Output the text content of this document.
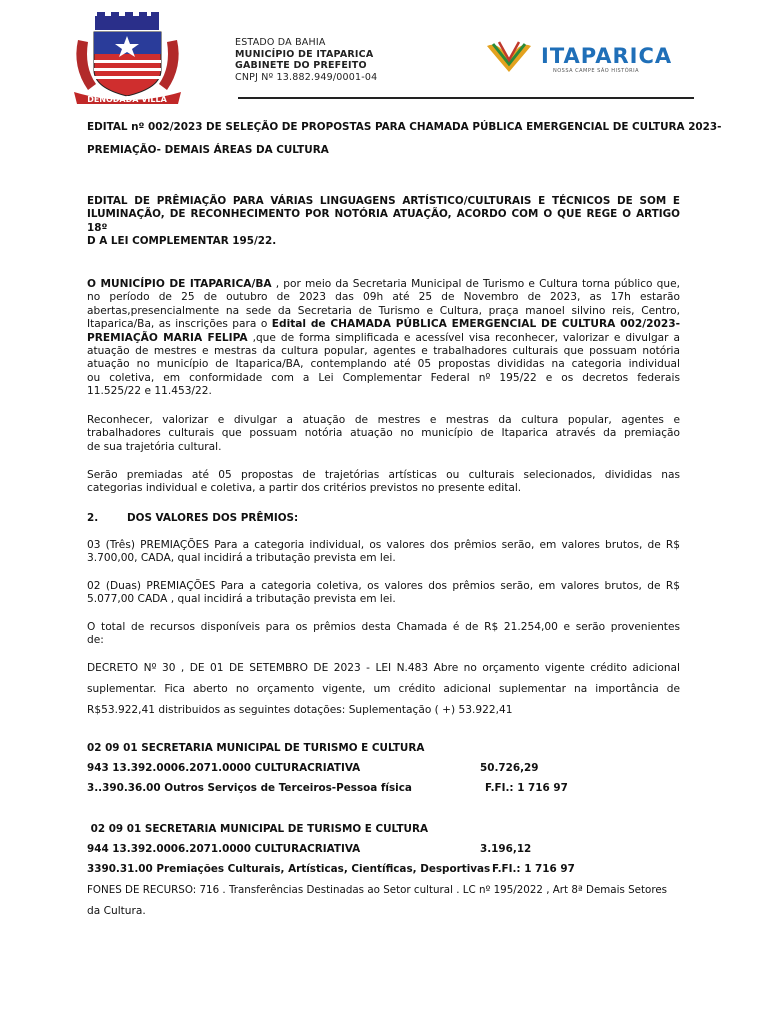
DENODADA VILLA
ESTADO DA BAHIA
MUNICÍPIO DE ITAPARICA
GABINETE DO PREFEITO
CNPJ Nº 13.882.949/0001-04
ITAPARICA
NOSSA CAMPE SÃO HISTÓRIA
EDITAL nº 002/2023 DE SELEÇÃO DE PROPOSTAS PARA CHAMADA PÚBLICA EMERGENCIAL DE CULTURA 2023-
PREMIAÇÃO- DEMAIS ÁREAS DA CULTURA
EDITAL DE PRÊMIAÇÃO PARA VÁRIAS LINGUAGENS ARTÍSTICO/CULTURAIS E TÉCNICOS DE SOM E
ILUMINAÇÃO, DE RECONHECIMENTO POR NOTÓRIA ATUAÇÃO, ACORDO COM O QUE REGE O ARTIGO 18º
D A LEI COMPLEMENTAR 195/22.
O MUNICÍPIO DE ITAPARICA/BA , por meio da Secretaria Municipal de Turismo e Cultura torna público que,
no período de 25 de outubro de 2023 das 09h até 25 de Novembro de 2023, as 17h estarão
abertas,presencialmente na sede da Secretaria de Turismo e Cultura, praça manoel silvino reis, Centro,
Itaparica/Ba, as inscrições para o Edital de CHAMADA PÚBLICA EMERGENCIAL DE CULTURA 002/2023-
PREMIAÇÃO MARIA FELIPA ,que de forma simplificada e acessível visa reconhecer, valorizar e divulgar a
atuação de mestres e mestras da cultura popular, agentes e trabalhadores culturais que possuam notória
atuação no município de Itaparica/BA, contemplando até 05 propostas divididas na categoria individual
ou coletiva, em conformidade com a Lei Complementar Federal nº 195/22 e os decretos federais
11.525/22 e 11.453/22.
Reconhecer, valorizar e divulgar a atuação de mestres e mestras da cultura popular, agentes e
trabalhadores culturais que possuam notória atuação no município de Itaparica através da premiação
de sua trajetória cultural.
Serão premiadas até 05 propostas de trajetórias artísticas ou culturais selecionados, divididas nas
categorias individual e coletiva, a partir dos critérios previstos no presente edital.
2.	DOS VALORES DOS PRÊMIOS:
03 (Três) PREMIAÇÕES Para a categoria individual, os valores dos prêmios serão, em valores brutos, de R$
3.700,00, CADA, qual incidirá a tributação prevista em lei.
02 (Duas) PREMIAÇÕES Para a categoria coletiva, os valores dos prêmios serão, em valores brutos, de R$
5.077,00 CADA , qual incidirá a tributação prevista em lei.
O total de recursos disponíveis para os prêmios desta Chamada é de R$ 21.254,00 e serão provenientes
de:
DECRETO Nº 30 , DE 01 DE SETEMBRO DE 2023 - LEI N.483 Abre no orçamento vigente crédito adicional
suplementar. Fica aberto no orçamento vigente, um crédito adicional suplementar na importância de
R$53.922,41 distribuidos as seguintes dotações: Suplementação ( +) 53.922,41
02 09 01 SECRETARIA MUNICIPAL DE TURISMO E CULTURA
943 13.392.0006.2071.0000 CULTURACRIATIVA	50.726,29
3..390.36.00 Outros Serviços de Terceiros-Pessoa física	F.FI.: 1 716 97
02 09 01 SECRETARIA MUNICIPAL DE TURISMO E CULTURA
944 13.392.0006.2071.0000 CULTURACRIATIVA	3.196,12
3390.31.00 Premiações Culturais, Artísticas, Científicas, Desportivas F.FI.: 1 716 97
FONES DE RECURSO: 716 . Transferências Destinadas ao Setor cultural . LC nº 195/2022 , Art 8ª Demais Setores
da Cultura.
